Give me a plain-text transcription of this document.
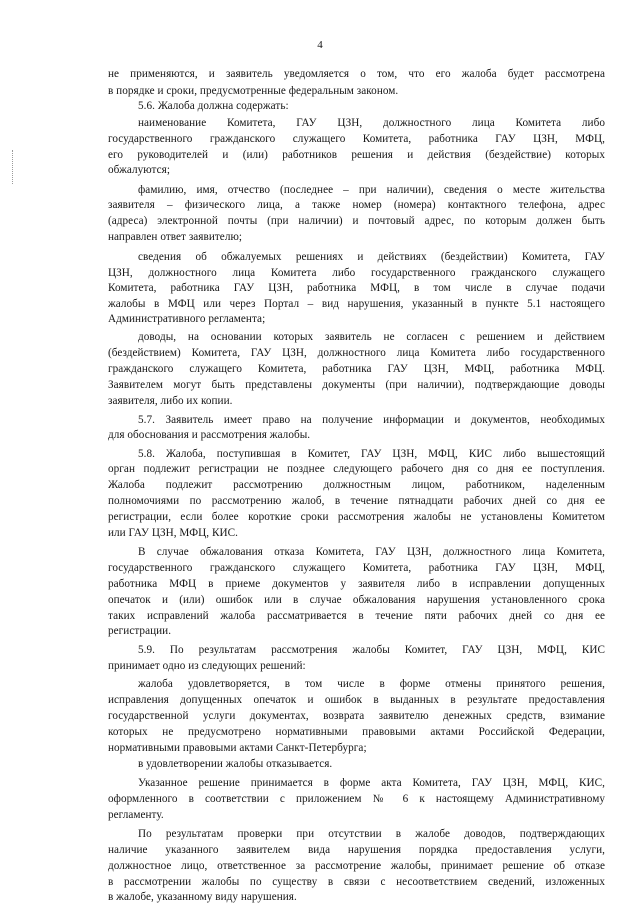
4
не применяются, и заявитель уведомляется о том, что его жалоба будет рассмотрена
в порядке и сроки, предусмотренные федеральным законом.
5.6. Жалоба должна содержать:
наименование Комитета, ГАУ ЦЗН, должностного лица Комитета либо
государственного гражданского служащего Комитета, работника ГАУ ЦЗН, МФЦ,
его руководителей и (или) работников решения и действия (бездействие) которых
обжалуются;
фамилию, имя, отчество (последнее – при наличии), сведения о месте жительства
заявителя – физического лица, а также номер (номера) контактного телефона, адрес
(адреса) электронной почты (при наличии) и почтовый адрес, по которым должен быть
направлен ответ заявителю;
сведения об обжалуемых решениях и действиях (бездействии) Комитета, ГАУ
ЦЗН, должностного лица Комитета либо государственного гражданского служащего
Комитета, работника ГАУ ЦЗН, работника МФЦ, в том числе в случае подачи
жалобы в МФЦ или через Портал – вид нарушения, указанный в пункте 5.1 настоящего
Административного регламента;
доводы, на основании которых заявитель не согласен с решением и действием
(бездействием) Комитета, ГАУ ЦЗН, должностного лица Комитета либо государственного
гражданского служащего Комитета, работника ГАУ ЦЗН, МФЦ, работника МФЦ.
Заявителем могут быть представлены документы (при наличии), подтверждающие доводы
заявителя, либо их копии.
5.7. Заявитель имеет право на получение информации и документов, необходимых
для обоснования и рассмотрения жалобы.
5.8. Жалоба, поступившая в Комитет, ГАУ ЦЗН, МФЦ, КИС либо вышестоящий
орган подлежит регистрации не позднее следующего рабочего дня со дня ее поступления.
Жалоба подлежит рассмотрению должностным лицом, работником, наделенным
полномочиями по рассмотрению жалоб, в течение пятнадцати рабочих дней со дня ее
регистрации, если более короткие сроки рассмотрения жалобы не установлены Комитетом
или ГАУ ЦЗН, МФЦ, КИС.
В случае обжалования отказа Комитета, ГАУ ЦЗН, должностного лица Комитета,
государственного гражданского служащего Комитета, работника ГАУ ЦЗН, МФЦ,
работника МФЦ в приеме документов у заявителя либо в исправлении допущенных
опечаток и (или) ошибок или в случае обжалования нарушения установленного срока
таких исправлений жалоба рассматривается в течение пяти рабочих дней со дня ее
регистрации.
5.9. По результатам рассмотрения жалобы Комитет, ГАУ ЦЗН, МФЦ, КИС
принимает одно из следующих решений:
жалоба удовлетворяется, в том числе в форме отмены принятого решения,
исправления допущенных опечаток и ошибок в выданных в результате предоставления
государственной услуги документах, возврата заявителю денежных средств, взимание
которых не предусмотрено нормативными правовыми актами Российской Федерации,
нормативными правовыми актами Санкт-Петербурга;
в удовлетворении жалобы отказывается.
Указанное решение принимается в форме акта Комитета, ГАУ ЦЗН, МФЦ, КИС,
оформленного в соответствии с приложением № 6 к настоящему Административному
регламенту.
По результатам проверки при отсутствии в жалобе доводов, подтверждающих
наличие указанного заявителем вида нарушения порядка предоставления услуги,
должностное лицо, ответственное за рассмотрение жалобы, принимает решение об отказе
в рассмотрении жалобы по существу в связи с несоответствием сведений, изложенных
в жалобе, указанному виду нарушения.
